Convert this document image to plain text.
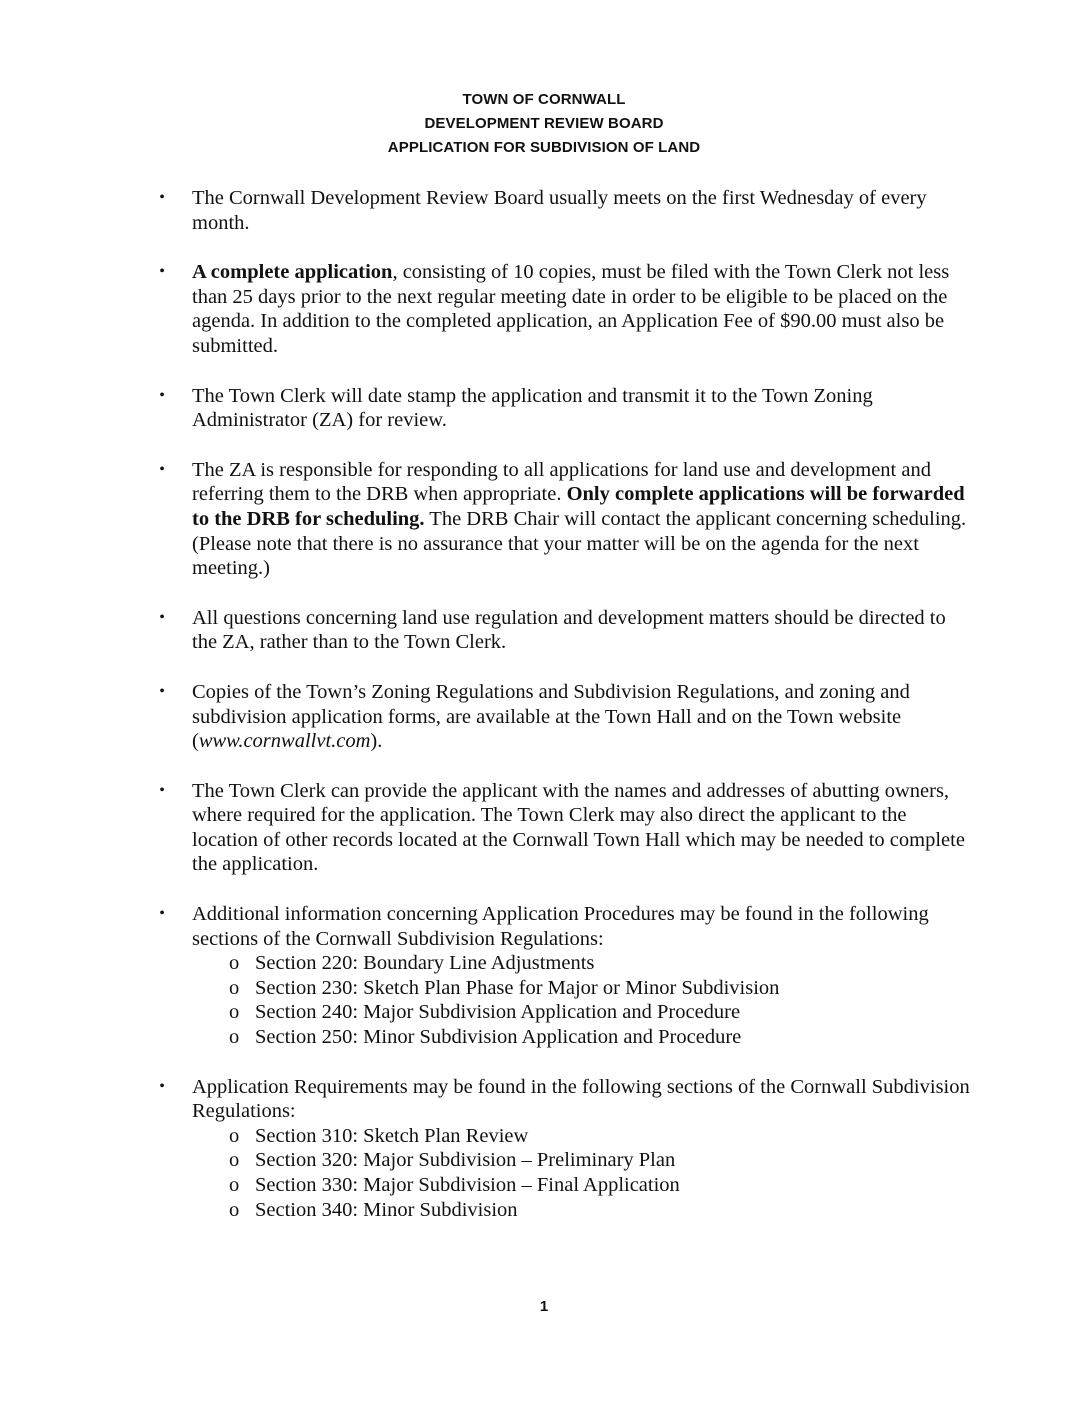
TOWN OF CORNWALL
DEVELOPMENT REVIEW BOARD
APPLICATION FOR SUBDIVISION OF LAND
• The Cornwall Development Review Board usually meets on the first Wednesday of every month.
• A complete application, consisting of 10 copies, must be filed with the Town Clerk not less than 25 days prior to the next regular meeting date in order to be eligible to be placed on the agenda. In addition to the completed application, an Application Fee of $90.00 must also be submitted.
• The Town Clerk will date stamp the application and transmit it to the Town Zoning Administrator (ZA) for review.
• The ZA is responsible for responding to all applications for land use and development and referring them to the DRB when appropriate. Only complete applications will be forwarded to the DRB for scheduling. The DRB Chair will contact the applicant concerning scheduling. (Please note that there is no assurance that your matter will be on the agenda for the next meeting.)
• All questions concerning land use regulation and development matters should be directed to the ZA, rather than to the Town Clerk.
• Copies of the Town’s Zoning Regulations and Subdivision Regulations, and zoning and subdivision application forms, are available at the Town Hall and on the Town website (www.cornwallvt.com).
• The Town Clerk can provide the applicant with the names and addresses of abutting owners, where required for the application. The Town Clerk may also direct the applicant to the location of other records located at the Cornwall Town Hall which may be needed to complete the application.
• Additional information concerning Application Procedures may be found in the following sections of the Cornwall Subdivision Regulations:
o Section 220: Boundary Line Adjustments
o Section 230: Sketch Plan Phase for Major or Minor Subdivision
o Section 240: Major Subdivision Application and Procedure
o Section 250: Minor Subdivision Application and Procedure
• Application Requirements may be found in the following sections of the Cornwall Subdivision Regulations:
o Section 310: Sketch Plan Review
o Section 320: Major Subdivision – Preliminary Plan
o Section 330: Major Subdivision – Final Application
o Section 340: Minor Subdivision
1
